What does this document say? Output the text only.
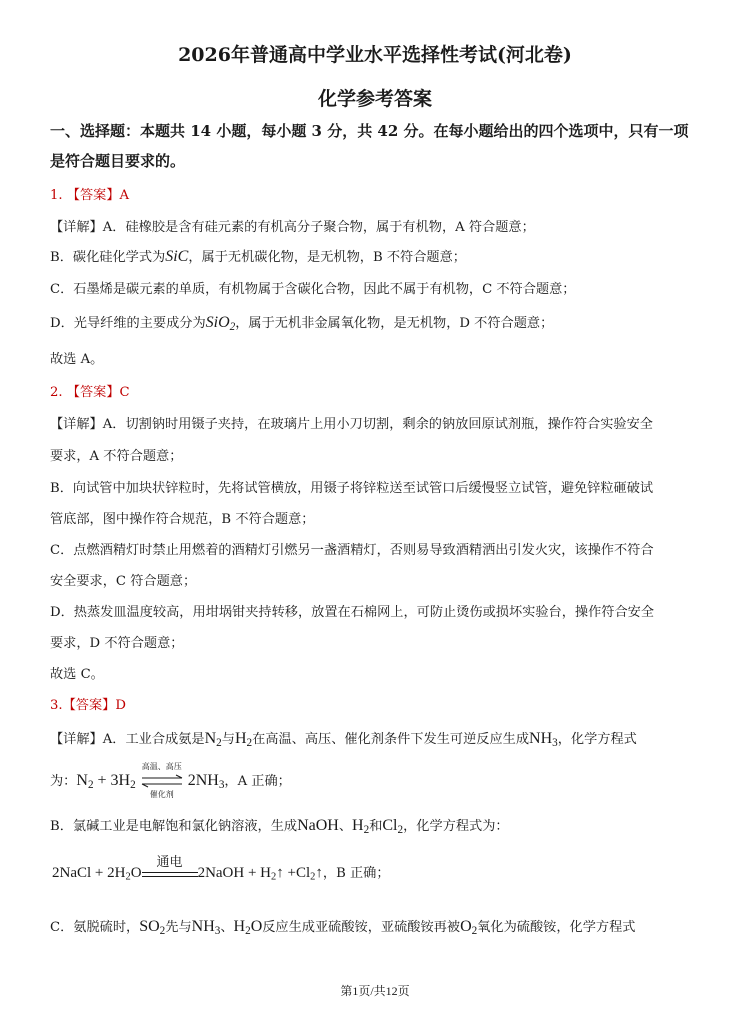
2026年普通高中学业水平选择性考试(河北卷)
化学参考答案
一、选择题：本题共 14 小题，每小题 3 分，共 42 分。在每小题给出的四个选项中，只有一项
是符合题目要求的。
1. 【答案】A
【详解】A．硅橡胶是含有硅元素的有机高分子聚合物，属于有机物，A 符合题意；
B．碳化硅化学式为SiC，属于无机碳化物，是无机物，B 不符合题意；
C．石墨烯是碳元素的单质，有机物属于含碳化合物，因此不属于有机物，C 不符合题意；
D．光导纤维的主要成分为SiO$_2$，属于无机非金属氧化物，是无机物，D 不符合题意；
故选 A。
2. 【答案】C
【详解】A．切割钠时用镊子夹持，在玻璃片上用小刀切割，剩余的钠放回原试剂瓶，操作符合实验安全
要求，A 不符合题意；
B．向试管中加块状锌粒时，先将试管横放，用镊子将锌粒送至试管口后缓慢竖立试管，避免锌粒砸破试
管底部，图中操作符合规范，B 不符合题意；
C．点燃酒精灯时禁止用燃着的酒精灯引燃另一盏酒精灯，否则易导致酒精洒出引发火灾，该操作不符合
安全要求，C 符合题意；
D．热蒸发皿温度较高，用坩埚钳夹持转移，放置在石棉网上，可防止烫伤或损坏实验台，操作符合安全
要求，D 不符合题意；
故选 C。
3.【答案】D
【详解】A．工业合成氨是$N_2$与$H_2$在高温、高压、催化剂条件下发生可逆反应生成$NH_3$，化学方程式
为：$N_2 + 3H_2$
高温、高压
催化剂
$2NH_3$，A 正确；
B．氯碱工业是电解饱和氯化钠溶液，生成NaOH、$H_2$和$Cl_2$，化学方程式为：
2NaCl + $2H_2O$
通电
2NaOH + $H_2↑$ $+Cl_2↑$，B 正确；
C．氨脱硫时，$SO_2$先与$NH_3$、$H_2O$反应生成亚硫酸铵，亚硫酸铵再被$O_2$氧化为硫酸铵，化学方程式
第1页/共12页
